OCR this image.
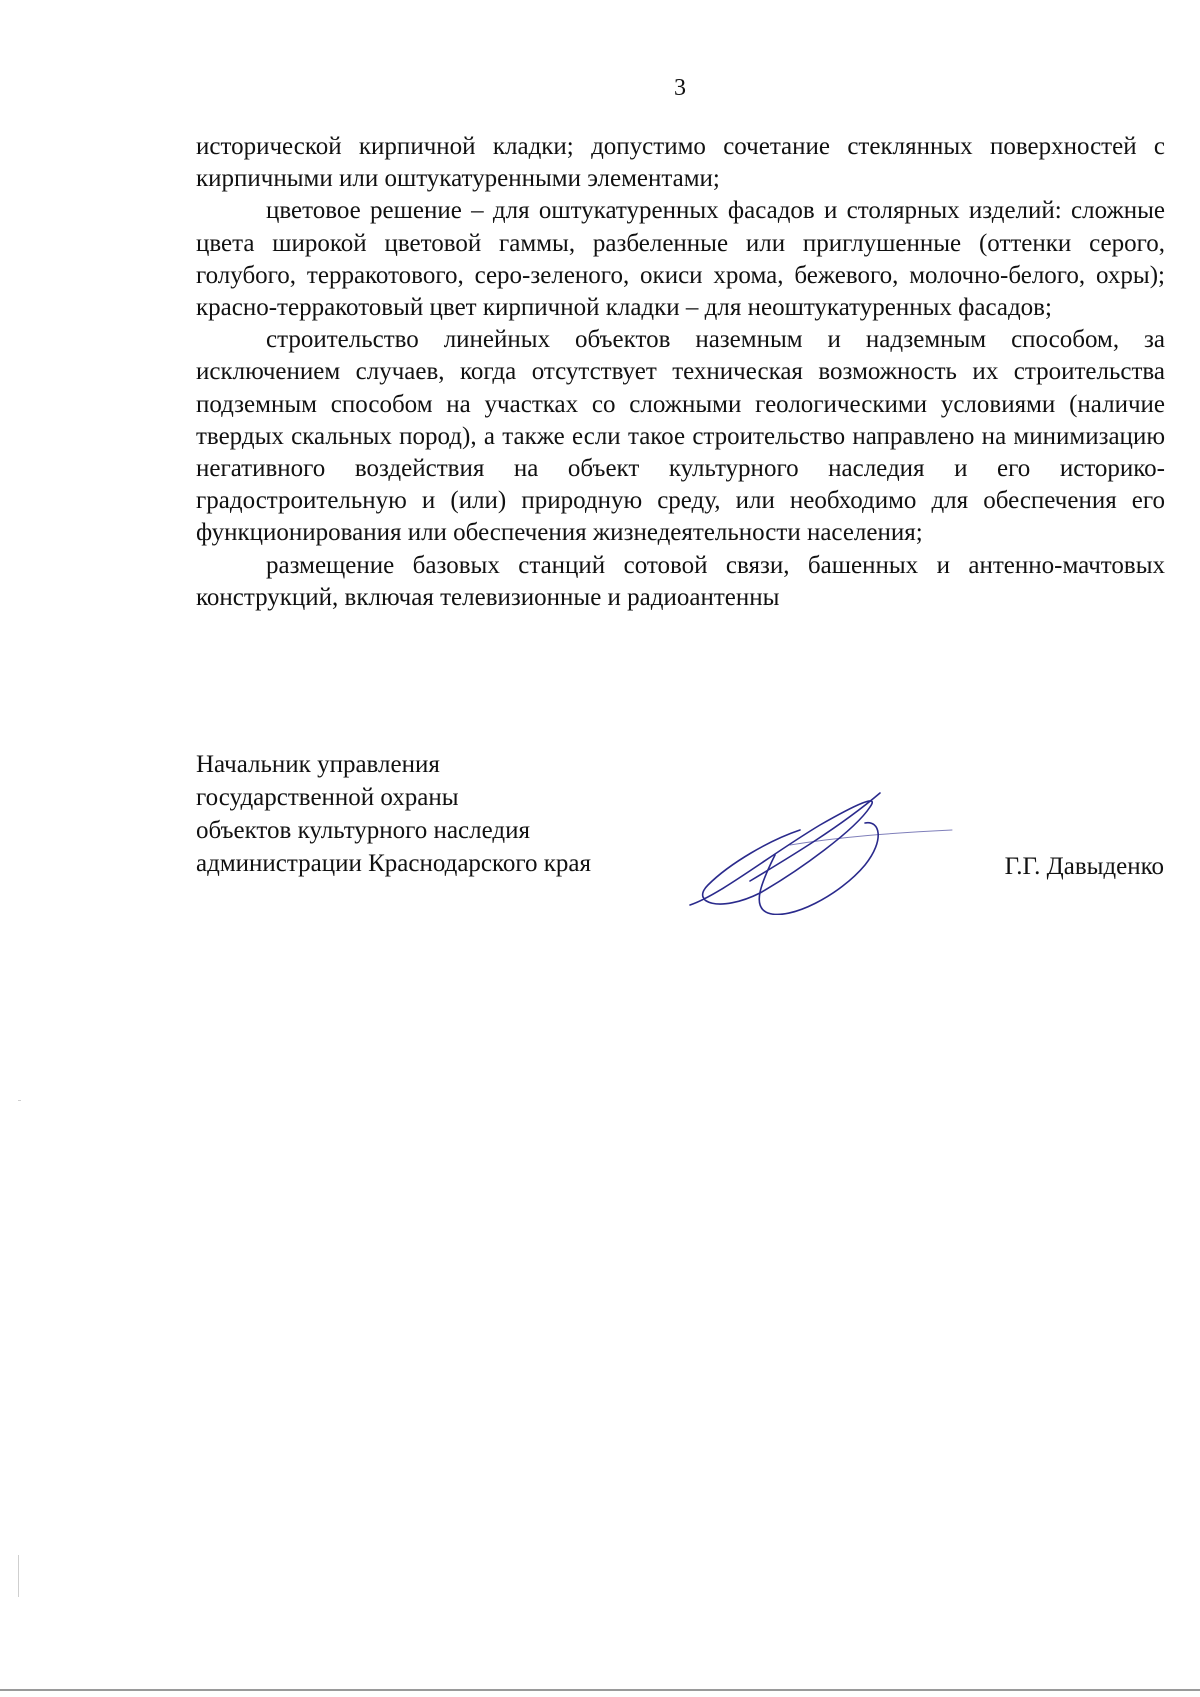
3

исторической кирпичной кладки; допустимо сочетание стеклянных поверхностей с кирпичными или оштукатуренными элементами;

цветовое решение – для оштукатуренных фасадов и столярных изделий: сложные цвета широкой цветовой гаммы, разбеленные или приглушенные (оттенки серого, голубого, терракотового, серо-зеленого, окиси хрома, бежевого, молочно-белого, охры); красно-терракотовый цвет кирпичной кладки – для неоштукатуренных фасадов;

строительство линейных объектов наземным и надземным способом, за исключением случаев, когда отсутствует техническая возможность их строительства подземным способом на участках со сложными геологическими условиями (наличие твердых скальных пород), а также если такое строительство направлено на минимизацию негативного воздействия на объект культурного наследия и его историко-градостроительную и (или) природную среду, или необходимо для обеспечения его функционирования или обеспечения жизнедеятельности населения;

размещение базовых станций сотовой связи, башенных и антенно-мачтовых конструкций, включая телевизионные и радиоантенны

Начальник управления
государственной охраны
объектов культурного наследия
администрации Краснодарского края	Г.Г. Давыденко
